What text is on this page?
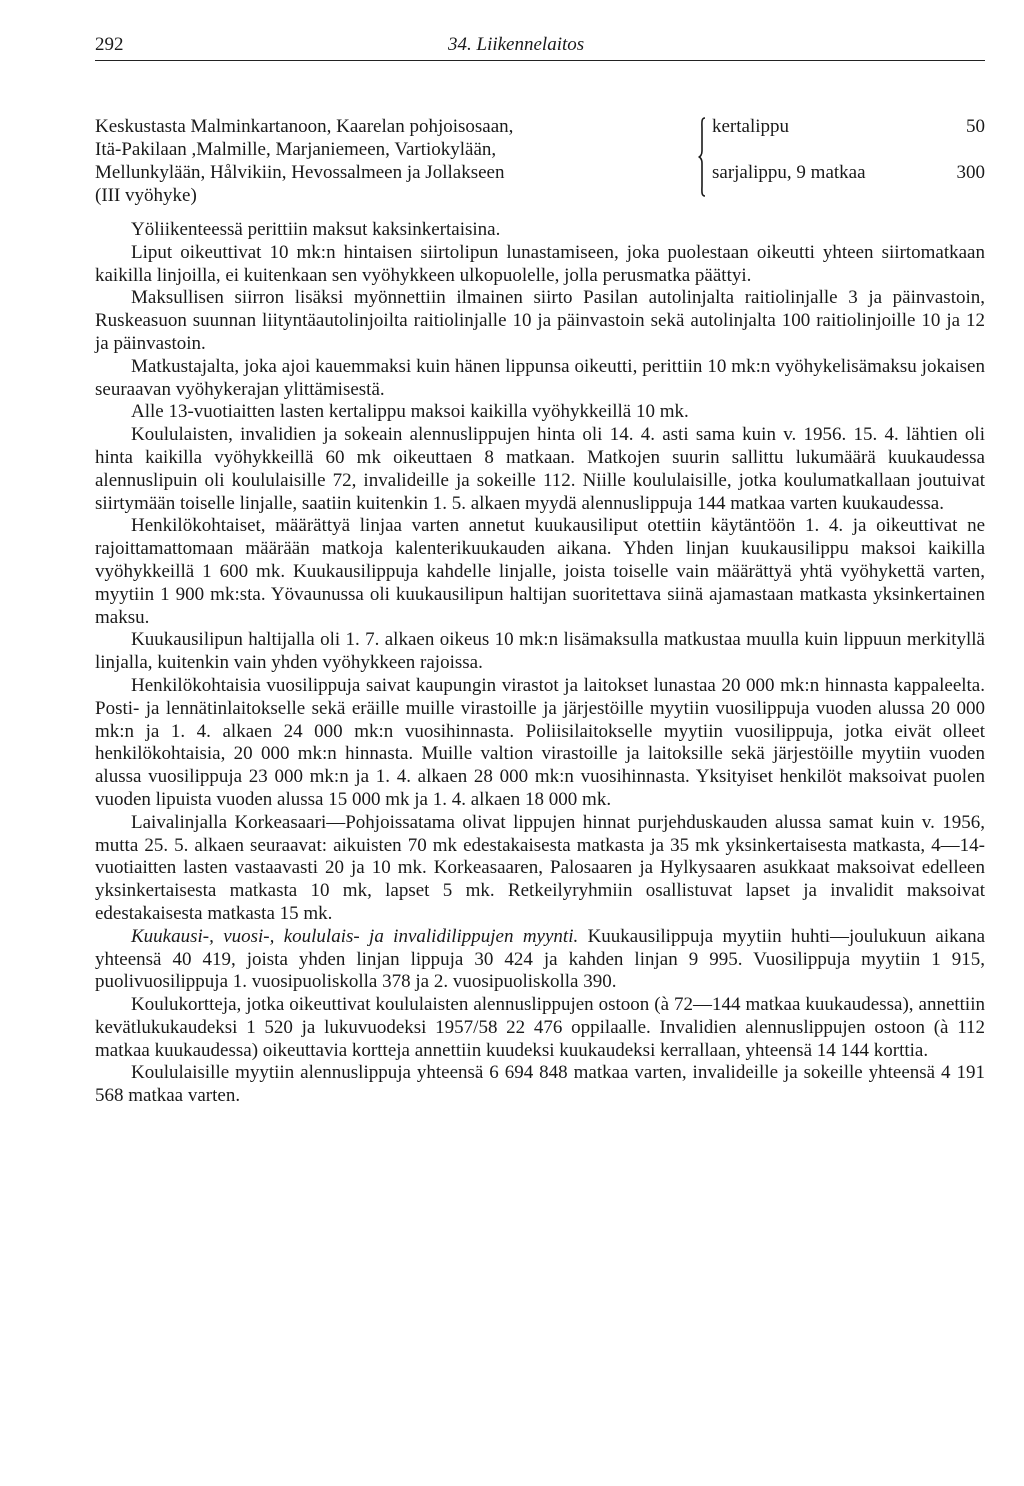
292	34. Liikennelaitos
Keskustasta Malminkartanoon, Kaarelan pohjoisosaan,
Itä-Pakilaan ,Malmille, Marjaniemeen, Vartiokylään,
Mellunkylään, Hålvikiin, Hevossalmeen ja Jollakseen
(III vyöhyke)
kertalippu	50
sarjalippu, 9 matkaa	300

Yöliikenteessä perittiin maksut kaksinkertaisina.

Liput oikeuttivat 10 mk:n hintaisen siirtolipun lunastamiseen, joka puolestaan oikeutti yhteen siirtomatkaan kaikilla linjoilla, ei kuitenkaan sen vyöhykkeen ulkopuolelle, jolla perusmatka päättyi.

Maksullisen siirron lisäksi myönnettiin ilmainen siirto Pasilan autolinjalta raitiolinjalle 3 ja päinvastoin, Ruskeasuon suunnan liityntäautolinjoilta raitiolinjalle 10 ja päinvastoin sekä autolinjalta 100 raitiolinjoille 10 ja 12 ja päinvastoin.

Matkustajalta, joka ajoi kauemmaksi kuin hänen lippunsa oikeutti, perittiin 10 mk:n vyöhykelisämaksu jokaisen seuraavan vyöhykerajan ylittämisestä.

Alle 13-vuotiaitten lasten kertalippu maksoi kaikilla vyöhykkeillä 10 mk.

Koululaisten, invalidien ja sokeain alennuslippujen hinta oli 14. 4. asti sama kuin v. 1956. 15. 4. lähtien oli hinta kaikilla vyöhykkeillä 60 mk oikeuttaen 8 matkaan. Matkojen suurin sallittu lukumäärä kuukaudessa alennuslipuin oli koululaisille 72, invalideille ja sokeille 112. Niille koululaisille, jotka koulumatkallaan joutuivat siirtymään toiselle linjalle, saatiin kuitenkin 1. 5. alkaen myydä alennuslippuja 144 matkaa varten kuukaudessa.

Henkilökohtaiset, määrättyä linjaa varten annetut kuukausiliput otettiin käytäntöön 1. 4. ja oikeuttivat ne rajoittamattomaan määrään matkoja kalenterikuukauden aikana. Yhden linjan kuukausilippu maksoi kaikilla vyöhykkeillä 1 600 mk. Kuukausilippuja kahdelle linjalle, joista toiselle vain määrättyä yhtä vyöhykettä varten, myytiin 1 900 mk:sta. Yövaunussa oli kuukausilipun haltijan suoritettava siinä ajamastaan matkasta yksinkertainen maksu.

Kuukausilipun haltijalla oli 1. 7. alkaen oikeus 10 mk:n lisämaksulla matkustaa muulla kuin lippuun merkityllä linjalla, kuitenkin vain yhden vyöhykkeen rajoissa.

Henkilökohtaisia vuosilippuja saivat kaupungin virastot ja laitokset lunastaa 20 000 mk:n hinnasta kappaleelta. Posti- ja lennätinlaitokselle sekä eräille muille virastoille ja järjestöille myytiin vuosilippuja vuoden alussa 20 000 mk:n ja 1. 4. alkaen 24 000 mk:n vuosihinnasta. Poliisilaitokselle myytiin vuosilippuja, jotka eivät olleet henkilökohtaisia, 20 000 mk:n hinnasta. Muille valtion virastoille ja laitoksille sekä järjestöille myytiin vuoden alussa vuosilippuja 23 000 mk:n ja 1. 4. alkaen 28 000 mk:n vuosihinnasta. Yksityiset henkilöt maksoivat puolen vuoden lipuista vuoden alussa 15 000 mk ja 1. 4. alkaen 18 000 mk.

Laivalinjalla Korkeasaari—Pohjoissatama olivat lippujen hinnat purjehduskauden alussa samat kuin v. 1956, mutta 25. 5. alkaen seuraavat: aikuisten 70 mk edestakaisesta matkasta ja 35 mk yksinkertaisesta matkasta, 4—14-vuotiaitten lasten vastaavasti 20 ja 10 mk. Korkeasaaren, Palosaaren ja Hylkysaaren asukkaat maksoivat edelleen yksinkertaisesta matkasta 10 mk, lapset 5 mk. Retkeilyryhmiin osallistuvat lapset ja invalidit maksoivat edestakaisesta matkasta 15 mk.

Kuukausi-, vuosi-, koululais- ja invalidilippujen myynti. Kuukausilippuja myytiin huhti—joulukuun aikana yhteensä 40 419, joista yhden linjan lippuja 30 424 ja kahden linjan 9 995. Vuosilippuja myytiin 1 915, puolivuosilippuja 1. vuosipuoliskolla 378 ja 2. vuosipuoliskolla 390.

Koulukortteja, jotka oikeuttivat koululaisten alennuslippujen ostoon (à 72—144 matkaa kuukaudessa), annettiin kevätlukukaudeksi 1 520 ja lukuvuodeksi 1957/58 22 476 oppilaalle. Invalidien alennuslippujen ostoon (à 112 matkaa kuukaudessa) oikeuttavia kortteja annettiin kuudeksi kuukaudeksi kerrallaan, yhteensä 14 144 korttia.

Koululaisille myytiin alennuslippuja yhteensä 6 694 848 matkaa varten, invalideille ja sokeille yhteensä 4 191 568 matkaa varten.
